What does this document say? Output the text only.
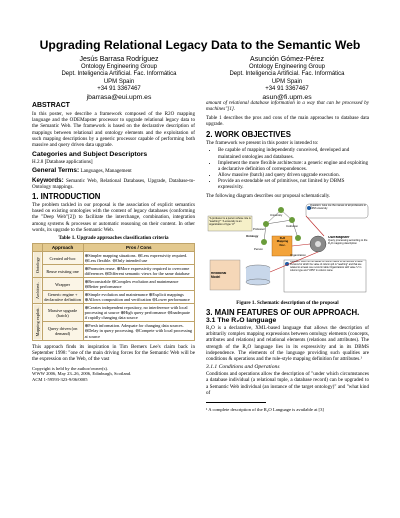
Upgrading Relational Legacy Data to the Semantic Web
Jesús Barrasa Rodríguez
Ontology Engineering Group
Dept. Inteligencia Artificial. Fac. Informática
UPM Spain
+34 91 3367467
jbarrasa@eui.upm.es
Asunción Gómez-Pérez
Ontology Engineering Group
Dept. Inteligencia Artificial. Fac. Informática
UPM Spain
+34 91 3367467
asun@fi.upm.es
ABSTRACT

In this poster, we describe a framework composed of the R2O mapping language and the ODEMapster processor to upgrade relational legacy data to the Semantic Web. The framework is based on the declarative description of mappings between relational and ontology elements and the exploitation of such mapping descriptions by a generic processor capable of performing both massive and query driven data upgrade.

Categories and Subject Descriptors

H.2.8 [Database applications]

General Terms: Languages, Management

Keywords: Semantic Web, Relational Databases, Upgrade, Database-to-Ontology mappings.

1. INTRODUCTION

The problem tackled in our proposal is the association of explicit semantics based on existing ontologies with the content of legacy databases (conforming the "Deep Web"[2]) to facilitate the interchange, combination, integration among systems & processes or automatic reasoning on their content. In other words, its upgrade to the Semantic Web.

Table 1. Upgrade approaches classification criteria
	Approach	Pros / Cons
Ontology	Created ad-hoc	⊕Simpler mapping situations. ⊖Less expressivity required. ⊖Less flexible. ⊖Only intended use
	Reuse existing one	⊕Promotes reuse. ⊕More expressivity required to overcome differences ⊖Different semantic views for the same database
Architect.	Wrapper	⊕Reconstrable ⊖Complex evolution and maintenance ⊖Better performance
	Generic engine + declarative definition	⊕Simple evolution and maintenance ⊕Explicit mappings ⊕Allows composition and verification ⊖Lower performance
Mapping exploit.	Massive upgrade (batch)	⊕Creates independent repository, no interference with local processing at source ⊕High query performance ⊖Inadequate if rapidly changing data source
	Query driven (on demand)	⊕Fresh information. Adequate for changing data sources. ⊖Delay in query processing. ⊖Compete with local processing at source

This approach finds its inspiration in Tim Berners Lee's claim back in September 1998: "one of the main driving forces for the Semantic Web will be the expression on the Web, of the vast

Copyright is held by the author/owner(s).
WWW 2006, May 23–26, 2006, Edinburgh, Scotland.
ACM 1-59593-323-9/06/0005

amount of relational database information in a way that can be processed by machines"[1].

Table 1 describes the pros and cons of the main approaches to database data upgrade.

2. WORK OBJECTIVES

The framework we present in this poster is intended to:

• Be capable of mapping independently conceived, developed and maintained ontologies and databases.
• Implement the more flexible architecture: a generic engine and exploiting a declarative definition of correspondences.
• Allow massive (batch) and query driven upgrade execution.
• Provide an extendable set of primitives, not limited by DBMS expressivity.

The following diagram describes our proposal schematically.

Question: Give me the names of all professors in UPM university
"A professor is a person whose role is "teaching"" "A university is an organization of type 'U'"
University
Professor
Institution
Person
Organization
Ontology	R₂O
Mapping
Doc.
ODEMapster
Query processing according to the R₂O mapping description
Relational
Model
Question: Give me the values of column name for all records in table Persons for which the value of column job is "teaching" and that are related to at least one record in table Organizations with value 'U' in column type and "UPM" in column name
Figure 1. Schematic description of the proposal
3. MAIN FEATURES OF OUR APPROACH.
3.1 The R₂O language

R₂O is a declarative, XML-based language that allows the description of arbitrarily complex mapping expressions between ontology elements (concepts, attributes and relations) and relational elements (relations and attributes). The strength of the R₂O language lies in its expressivity and in its DBMS independence. The elements of the language providing such qualities are conditions & operations and the rule-style mapping definition for attributes.¹

3.1.1 Conditions and Operations

Conditions and operations allow the description of "under which circumstances a database individual (a relational tuple, a database record) can be upgraded to a Semantic Web individual (an instance of the target ontology)" and "what kind of

¹ A complete description of the R₂O Language is available at [3]
